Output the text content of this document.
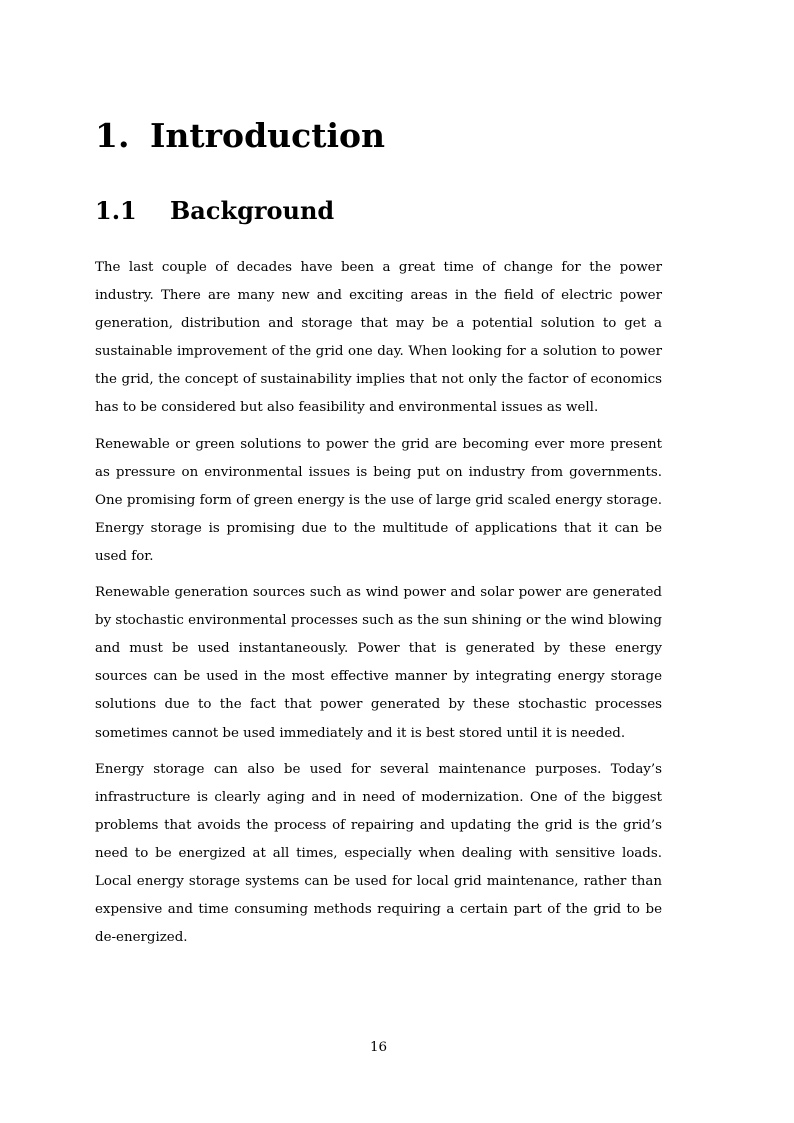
1. Introduction
1.1 Background

The last couple of decades have been a great time of change for the power industry. There are many new and exciting areas in the field of electric power generation, distribution and storage that may be a potential solution to get a sustainable improvement of the grid one day. When looking for a solution to power the grid, the concept of sustainability implies that not only the factor of economics has to be considered but also feasibility and environmental issues as well.

Renewable or green solutions to power the grid are becoming ever more present as pressure on environmental issues is being put on industry from governments. One promising form of green energy is the use of large grid scaled energy storage. Energy storage is promising due to the multitude of applications that it can be used for.

Renewable generation sources such as wind power and solar power are generated by stochastic environmental processes such as the sun shining or the wind blowing and must be used instantaneously. Power that is generated by these energy sources can be used in the most effective manner by integrating energy storage solutions due to the fact that power generated by these stochastic processes sometimes cannot be used immediately and it is best stored until it is needed.

Energy storage can also be used for several maintenance purposes. Today’s infrastructure is clearly aging and in need of modernization. One of the biggest problems that avoids the process of repairing and updating the grid is the grid’s need to be energized at all times, especially when dealing with sensitive loads. Local energy storage systems can be used for local grid maintenance, rather than expensive and time consuming methods requiring a certain part of the grid to be de-energized.

16
